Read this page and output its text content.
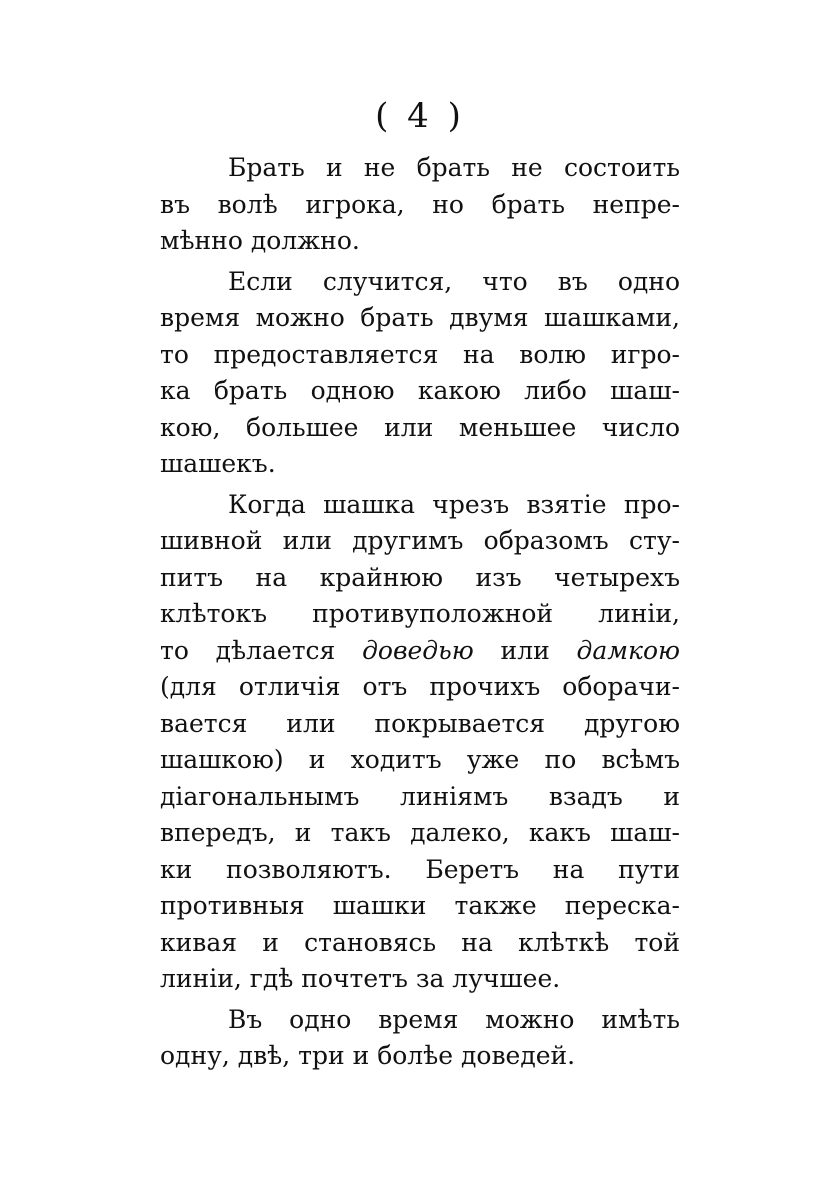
( 4 )
Брать и не брать не состоить
въ волѣ игрока, но брать непре-
мѣнно должно.
Если случится, что въ одно
время можно брать двумя шашками,
то предоставляется на волю игро-
ка брать одною какою либо шаш-
кою, большее или меньшее число
шашекъ.
Когда шашка чрезъ взятіе про-
шивной или другимъ образомъ сту-
питъ на крайнюю изъ четырехъ
клѣтокъ противуположной линіи,
то дѣлается доведью или дамкою
(для отличія отъ прочихъ оборачи-
вается или покрывается другою
шашкою) и ходитъ уже по всѣмъ
діагональнымъ линіямъ взадъ и
впередъ, и такъ далеко, какъ шаш-
ки позволяютъ. Беретъ на пути
противныя шашки также переска-
кивая и становясь на клѣткѣ той
линіи, гдѣ почтетъ за лучшее.
Въ одно время можно имѣть
одну, двѣ, три и болѣе доведей.
